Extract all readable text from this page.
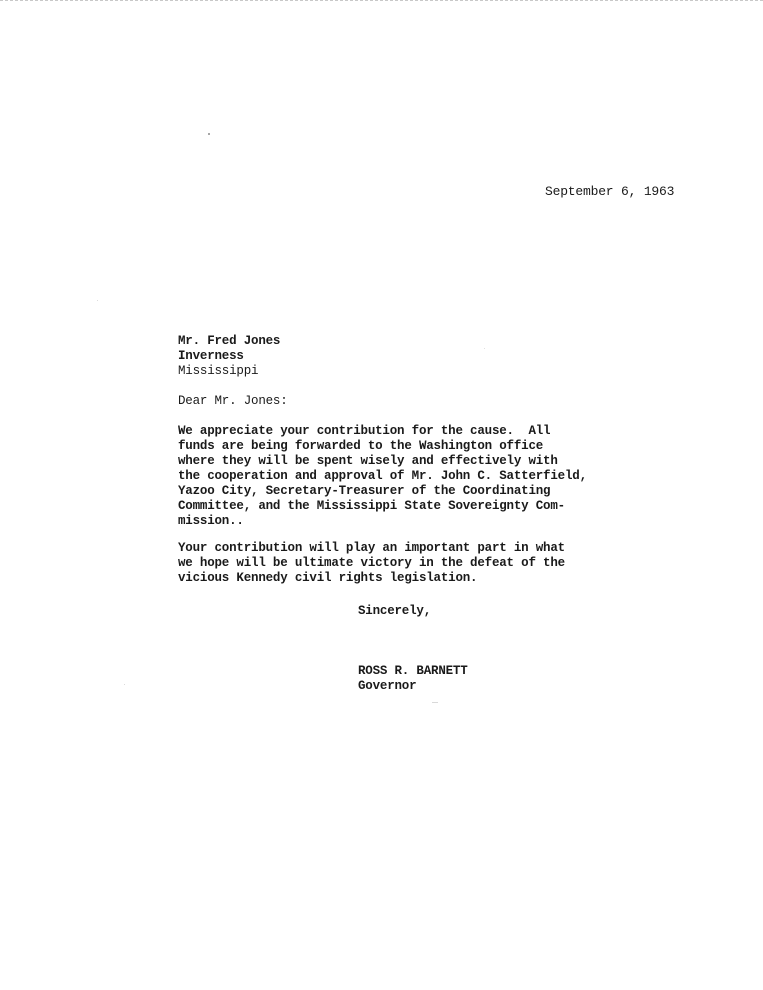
September 6, 1963
Mr. Fred Jones
Inverness
Mississippi
Dear Mr. Jones:
We appreciate your contribution for the cause.  All
funds are being forwarded to the Washington office
where they will be spent wisely and effectively with
the cooperation and approval of Mr. John C. Satterfield,
Yazoo City, Secretary-Treasurer of the Coordinating
Committee, and the Mississippi State Sovereignty Com-
mission..
Your contribution will play an important part in what
we hope will be ultimate victory in the defeat of the
vicious Kennedy civil rights legislation.
Sincerely,
ROSS R. BARNETT
Governor
